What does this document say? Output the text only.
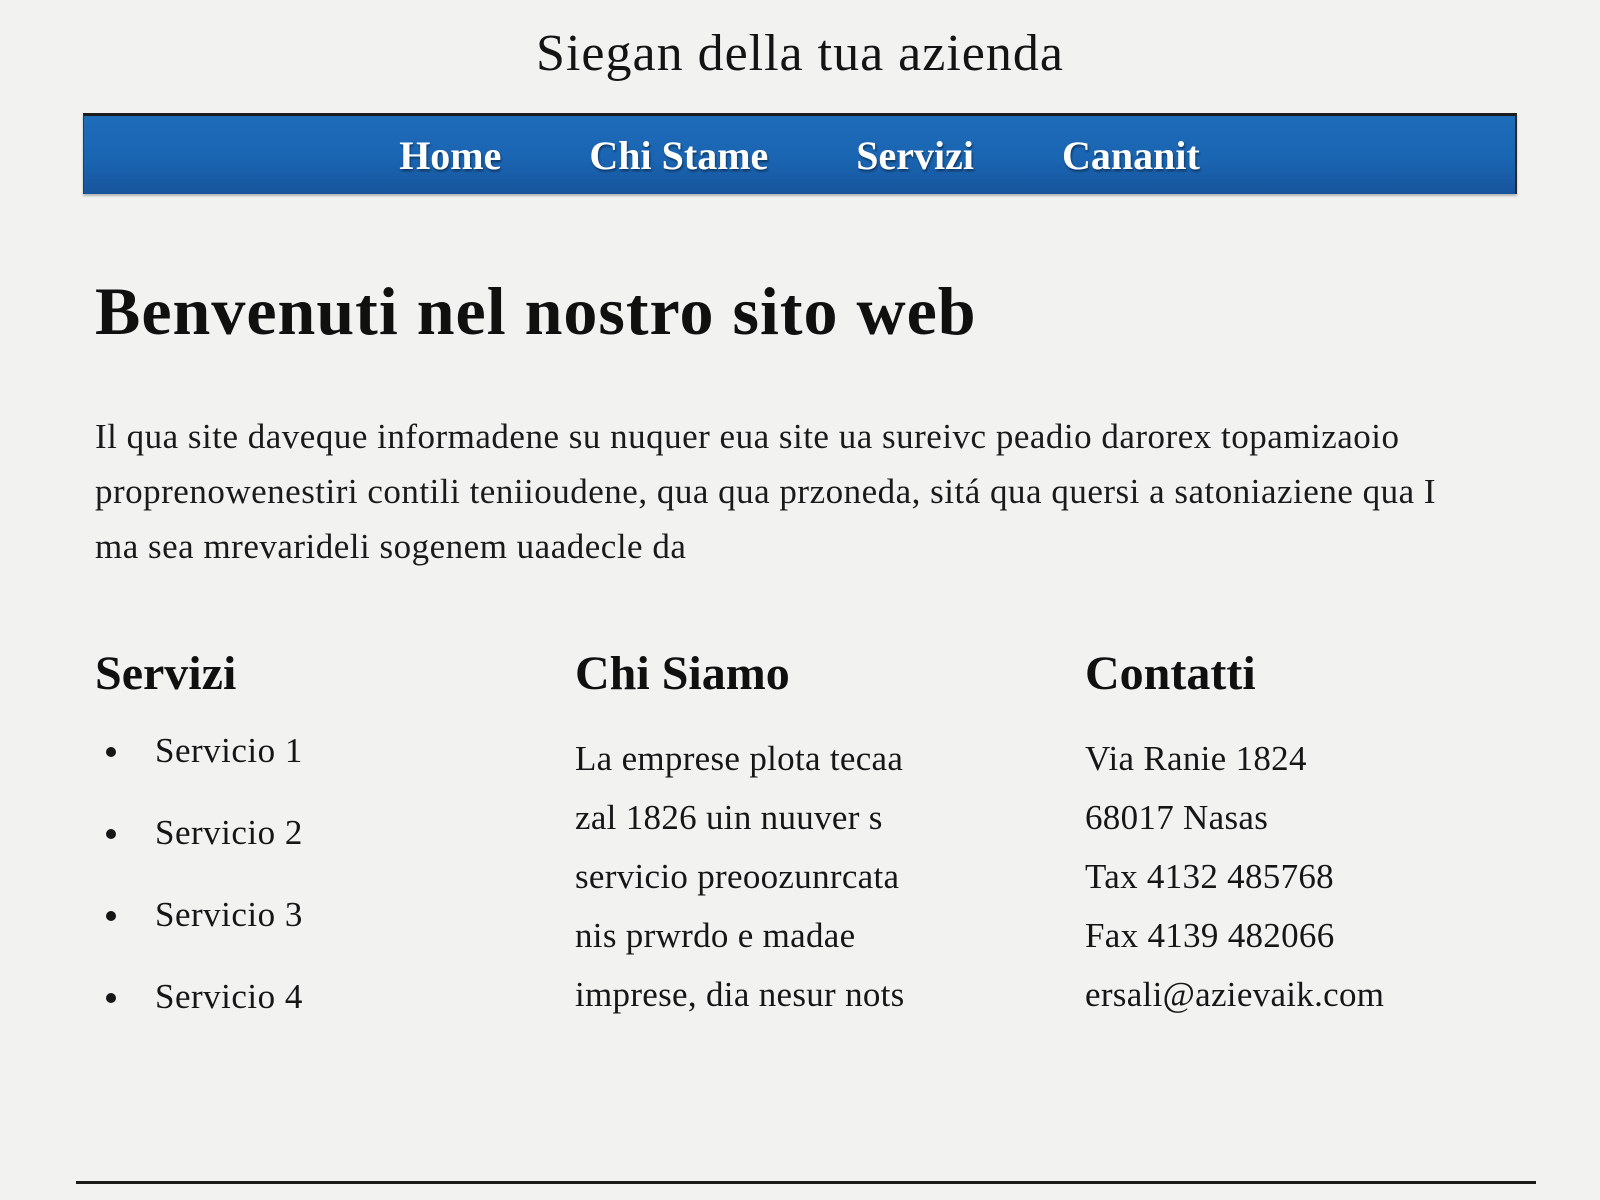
Siegan della tua azienda
Home Chi Stame Servizi Cananit
Benvenuti nel nostro sito web

Il qua site daveque informadene su nuquer eua site ua sureivc peadio darorex topamizaoio proprenowenestiri contili teniioudene, qua qua przoneda, sitá qua quersi a satoniaziene qua I ma sea mrevarideli sogenem uaadecle da

Servizi
• Servicio 1
• Servicio 2
• Servicio 3
• Servicio 4
Chi Siamo
La emprese plota tecaa
zal 1826 uin nuuver s
servicio preoozunrcata
nis prwrdo e madae
imprese, dia nesur nots
Contatti
Via Ranie 1824
68017 Nasas
Tax 4132 485768
Fax 4139 482066
ersali@azievaik.com
